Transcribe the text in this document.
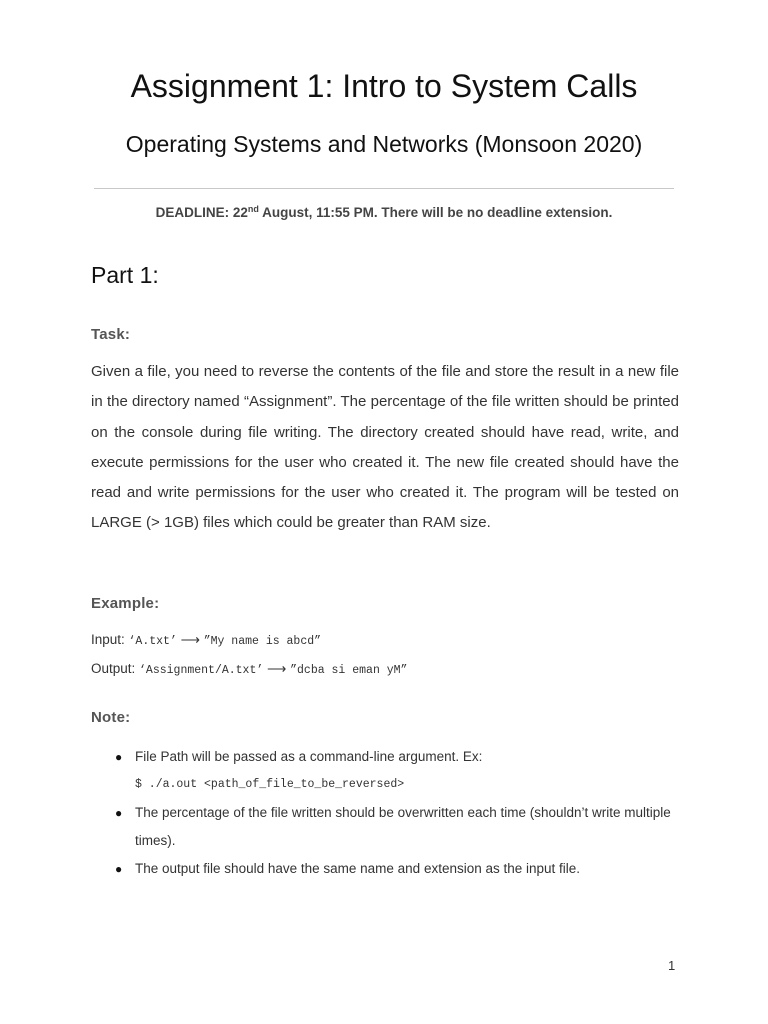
Assignment 1: Intro to System Calls
Operating Systems and Networks (Monsoon 2020)
DEADLINE: 22nd August, 11:55 PM. There will be no deadline extension.
Part 1:
Task:
Given a file, you need to reverse the contents of the file and store the result in a new file in the directory named “Assignment”. The percentage of the file written should be printed on the console during file writing. The directory created should have read, write, and execute permissions for the user who created it. The new file created should have the read and write permissions for the user who created it. The program will be tested on LARGE (> 1GB) files which could be greater than RAM size.
Example:
Input: ‘A.txt’ ⟶ ”My name is abcd”
Output: ‘Assignment/A.txt’ ⟶ ”dcba si eman yM”
Note:
● File Path will be passed as a command-line argument. Ex:
$ ./a.out <path_of_file_to_be_reversed>
● The percentage of the file written should be overwritten each time (shouldn’t write multiple times).
● The output file should have the same name and extension as the input file.
1
